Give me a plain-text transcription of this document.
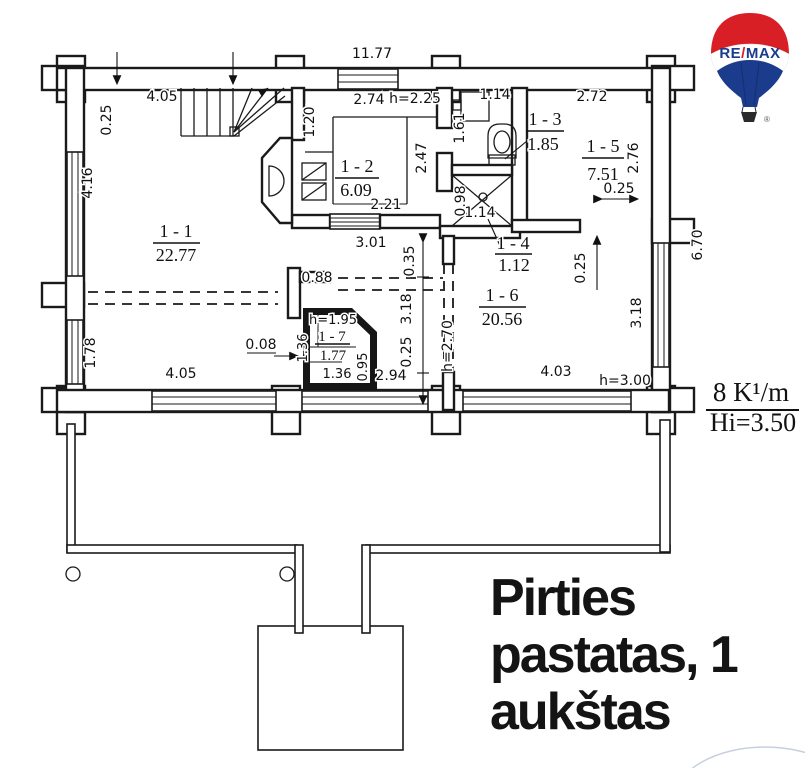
11.77
4.05
0.25
4.16
1.20
2.74 h=2.25
2.47
2.21
3.01
1.14
1.61
2.72
2.76
0.25
6.70
0.98
1.14
0.35
3.18
0.25 h=2.70
0.25
3.18
0.88
0.08
1.78
4.05	2.94	4.03
h=3.00
h=1.95
1.36
0.95
1.36
1 - 1
22.77
1 - 2
6.09
1 - 3
1.85
1 - 4
1.12
1 - 5
7.51
1 - 6
20.56
1 - 7
1.77
8 K¹/m
Hi=3.50
RE/MAX
®
Pirties
pastatas, 1
aukštas
